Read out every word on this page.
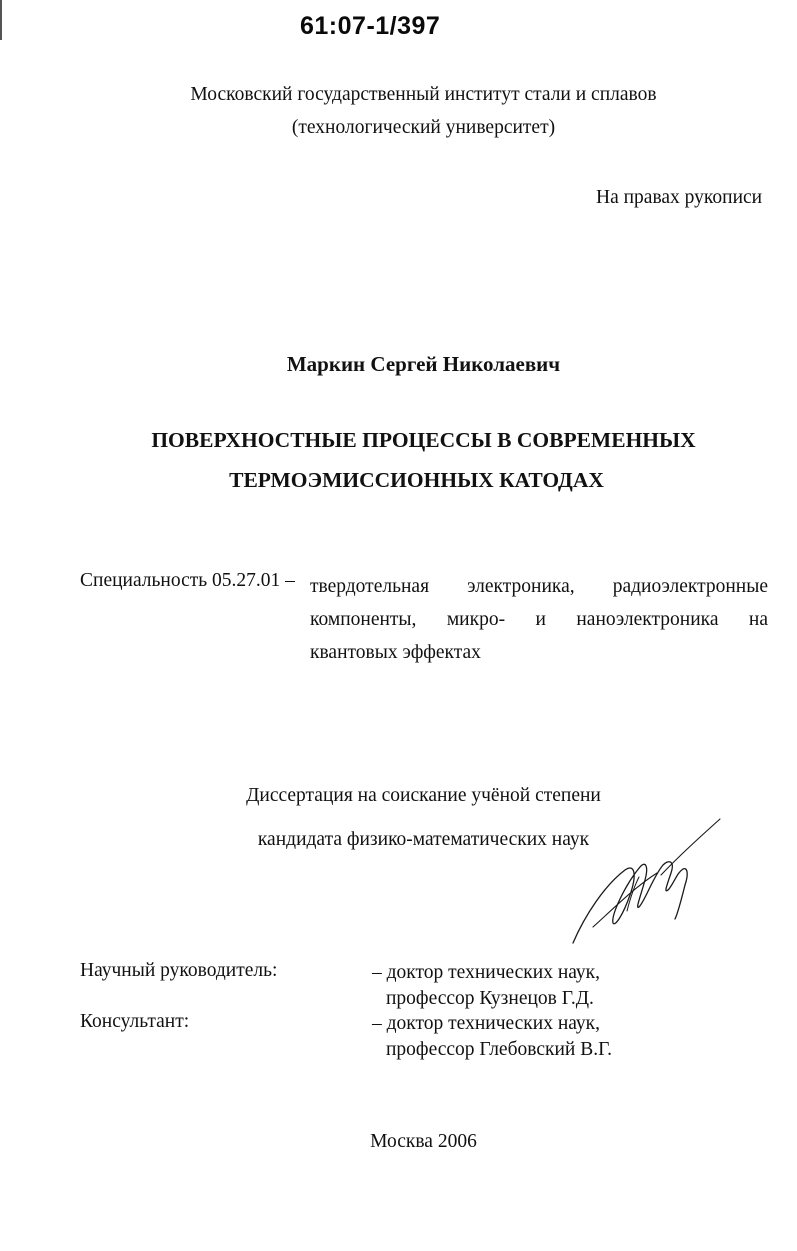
61:07-1/397
Московский государственный институт стали и сплавов
(технологический университет)
На правах рукописи
Маркин Сергей Николаевич
ПОВЕРХНОСТНЫЕ ПРОЦЕССЫ В СОВРЕМЕННЫХ
ТЕРМОЭМИССИОННЫХ КАТОДАХ
Специальность 05.27.01 – твердотельная электроника, радиоэлектронные
компоненты, микро- и наноэлектроника на
квантовых эффектах
Диссертация на соискание учёной степени
кандидата физико-математических наук
Научный руководитель:	– доктор технических наук,
профессор Кузнецов Г.Д.
Консультант:	– доктор технических наук,
профессор Глебовский В.Г.
Москва 2006
